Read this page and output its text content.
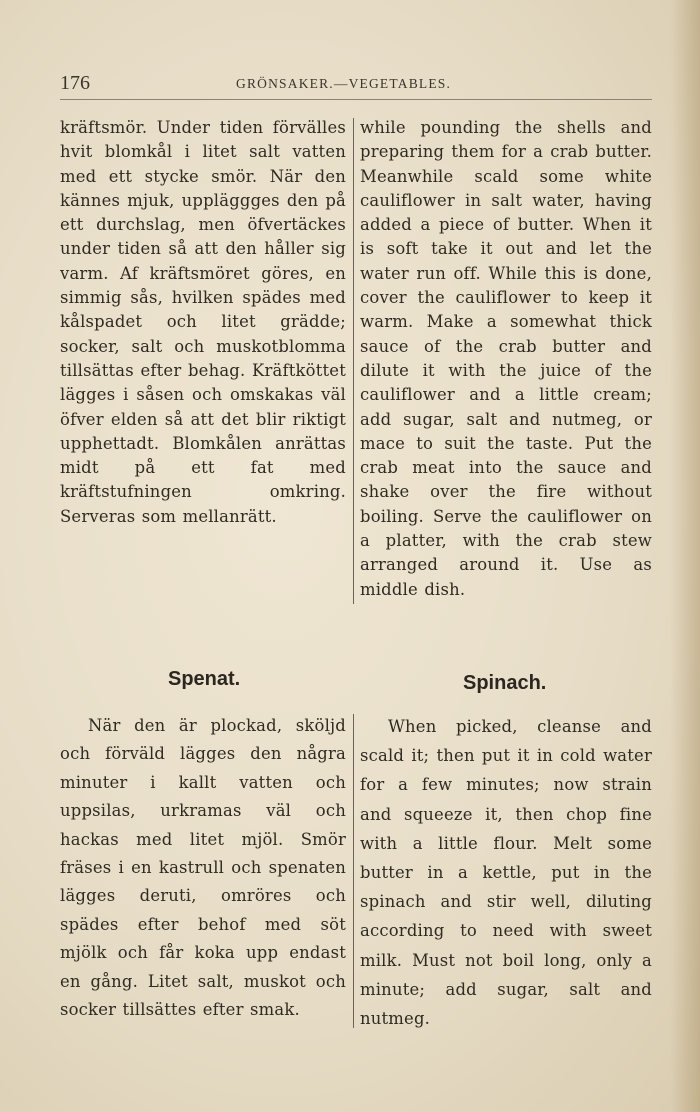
176	GRÖNSAKER.—VEGETABLES.

kräftsmör. Under tiden förvälles hvit blomkål i litet salt vatten med ett stycke smör. När den kännes mjuk, uppläggges den på ett durchslag, men öfvertäckes under tiden så att den håller sig varm. Af kräftsmöret göres, en simmig sås, hvilken spädes med kålspadet och litet grädde; socker, salt och muskotblomma tillsättas efter behag. Kräftköttet lägges i såsen och omskakas väl öfver elden så att det blir riktigt upphettadt. Blomkålen anrättas midt på ett fat med kräftstufningen omkring. Serveras som mellanrätt.

while pounding the shells and preparing them for a crab butter. Meanwhile scald some white cauliflower in salt water, having added a piece of butter. When it is soft take it out and let the water run off. While this is done, cover the cauliflower to keep it warm. Make a somewhat thick sauce of the crab butter and dilute it with the juice of the cauliflower and a little cream; add sugar, salt and nutmeg, or mace to suit the taste. Put the crab meat into the sauce and shake over the fire without boiling. Serve the cauliflower on a platter, with the crab stew arranged around it. Use as middle dish.

Spenat.	Spinach.

När den är plockad, sköljd och förväld lägges den några minuter i kallt vatten och uppsilas, urkramas väl och hackas med litet mjöl. Smör fräses i en kastrull och spenaten lägges deruti, omröres och spädes efter behof med söt mjölk och får koka upp endast en gång. Litet salt, muskot och socker tillsättes efter smak.

When picked, cleanse and scald it; then put it in cold water for a few minutes; now strain and squeeze it, then chop fine with a little flour. Melt some butter in a kettle, put in the spinach and stir well, diluting according to need with sweet milk. Must not boil long, only a minute; add sugar, salt and nutmeg.
